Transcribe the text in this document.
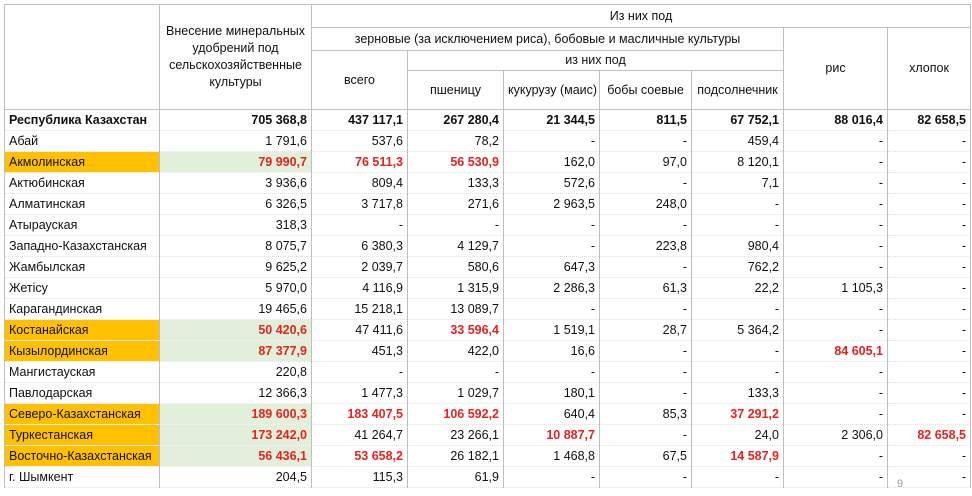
	Внесение минеральных удобрений под сельскохозяйственные культуры	Из них под						
		зерновые (за исключением риса), бобовые и масличные культуры					рис	хлопок
		всего	из них под					
			пшеницу	кукурузу (маис)	бобы соевые	подсолнечник		

Республика Казахстан	705 368,8	437 117,1	267 280,4	21 344,5	811,5	67 752,1	88 016,4	82 658,5
Абай	1 791,6	537,6	78,2	-	-	459,4	-	-
Акмолинская	79 990,7	76 511,3	56 530,9	162,0	97,0	8 120,1	-	-
Актюбинская	3 936,6	809,4	133,3	572,6	-	7,1	-	-
Алматинская	6 326,5	3 717,8	271,6	2 963,5	248,0	-	-	-
Атырауская	318,3	-	-	-	-	-	-	-
Западно-Казахстанская	8 075,7	6 380,3	4 129,7	-	223,8	980,4	-	-
Жамбылская	9 625,2	2 039,7	580,6	647,3	-	762,2	-	-
Жетісу	5 970,0	4 116,9	1 315,9	2 286,3	61,3	22,2	1 105,3	-
Карагандинская	19 465,6	15 218,1	13 089,7	-	-	-	-	-
Костанайская	50 420,6	47 411,6	33 596,4	1 519,1	28,7	5 364,2	-	-
Кызылординская	87 377,9	451,3	422,0	16,6	-	-	84 605,1	-
Мангистауская	220,8	-	-	-	-	-	-	-
Павлодарская	12 366,3	1 477,3	1 029,7	180,1	-	133,3	-	-
Северо-Казахстанская	189 600,3	183 407,5	106 592,2	640,4	85,3	37 291,2	-	-
Туркестанская	173 242,0	41 264,7	23 266,1	10 887,7	-	24,0	2 306,0	82 658,5
Восточно-Казахстанская	56 436,1	53 658,2	26 182,1	1 468,8	67,5	14 587,9	-	-
г. Шымкент	204,5	115,3	61,9	-	-	-	-	-
9
